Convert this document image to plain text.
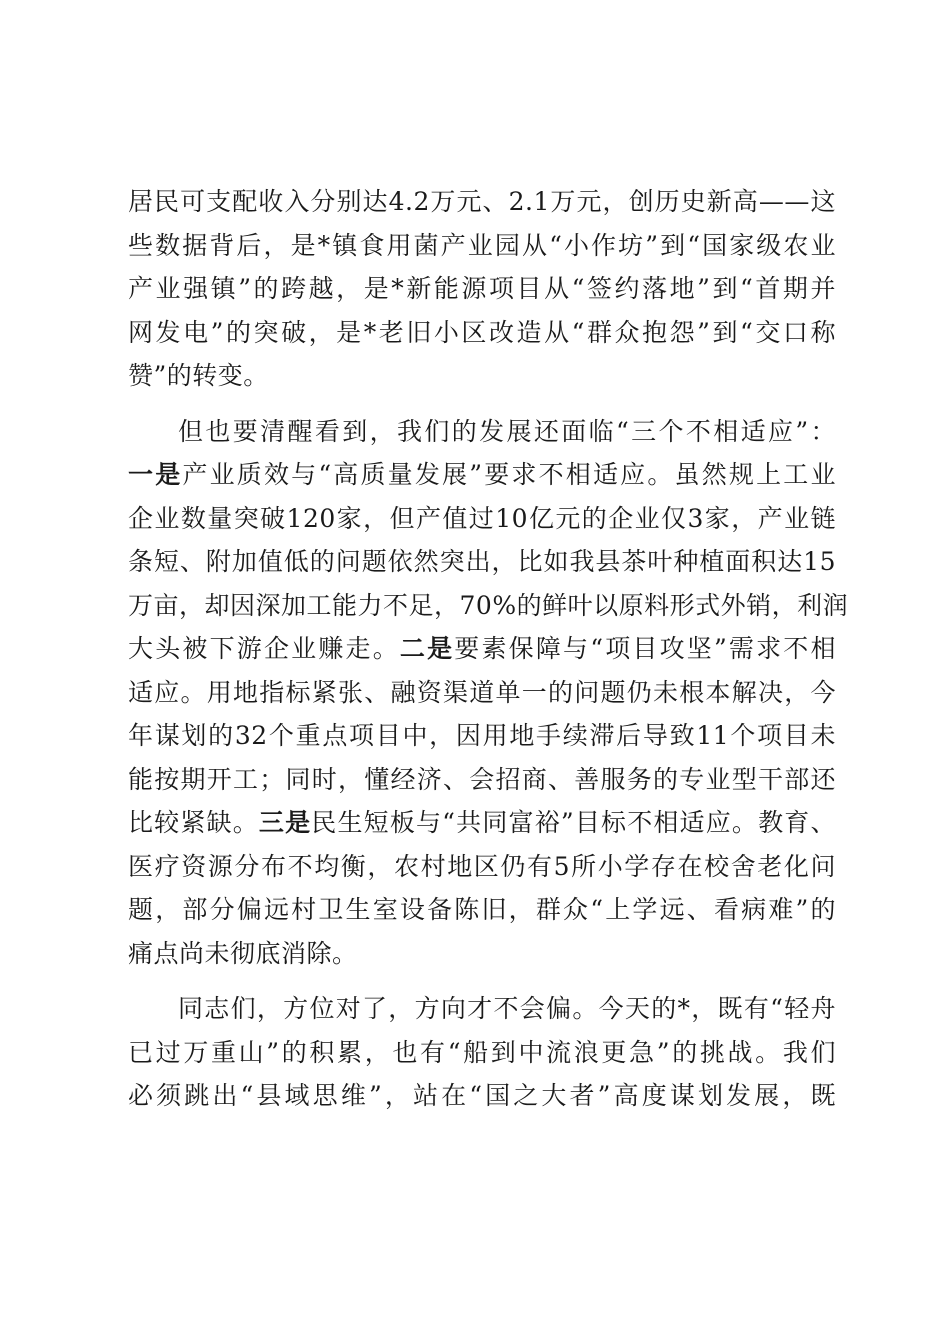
居民可支配收入分别达4.2万元、2.1万元，创历史新高——这
些数据背后，是*镇食用菌产业园从“小作坊”到“国家级农业
产业强镇”的跨越，是*新能源项目从“签约落地”到“首期并
网发电”的突破，是*老旧小区改造从“群众抱怨”到“交口称
赞”的转变。
但也要清醒看到，我们的发展还面临“三个不相适应”：
一是产业质效与“高质量发展”要求不相适应。虽然规上工业
企业数量突破120家，但产值过10亿元的企业仅3家，产业链
条短、附加值低的问题依然突出，比如我县茶叶种植面积达15
万亩，却因深加工能力不足，70%的鲜叶以原料形式外销，利润
大头被下游企业赚走。二是要素保障与“项目攻坚”需求不相
适应。用地指标紧张、融资渠道单一的问题仍未根本解决，今
年谋划的32个重点项目中，因用地手续滞后导致11个项目未
能按期开工；同时，懂经济、会招商、善服务的专业型干部还
比较紧缺。三是民生短板与“共同富裕”目标不相适应。教育、
医疗资源分布不均衡，农村地区仍有5所小学存在校舍老化问
题，部分偏远村卫生室设备陈旧，群众“上学远、看病难”的
痛点尚未彻底消除。
同志们，方位对了，方向才不会偏。今天的*，既有“轻舟
已过万重山”的积累，也有“船到中流浪更急”的挑战。我们
必须跳出“县域思维”，站在“国之大者”高度谋划发展，既
